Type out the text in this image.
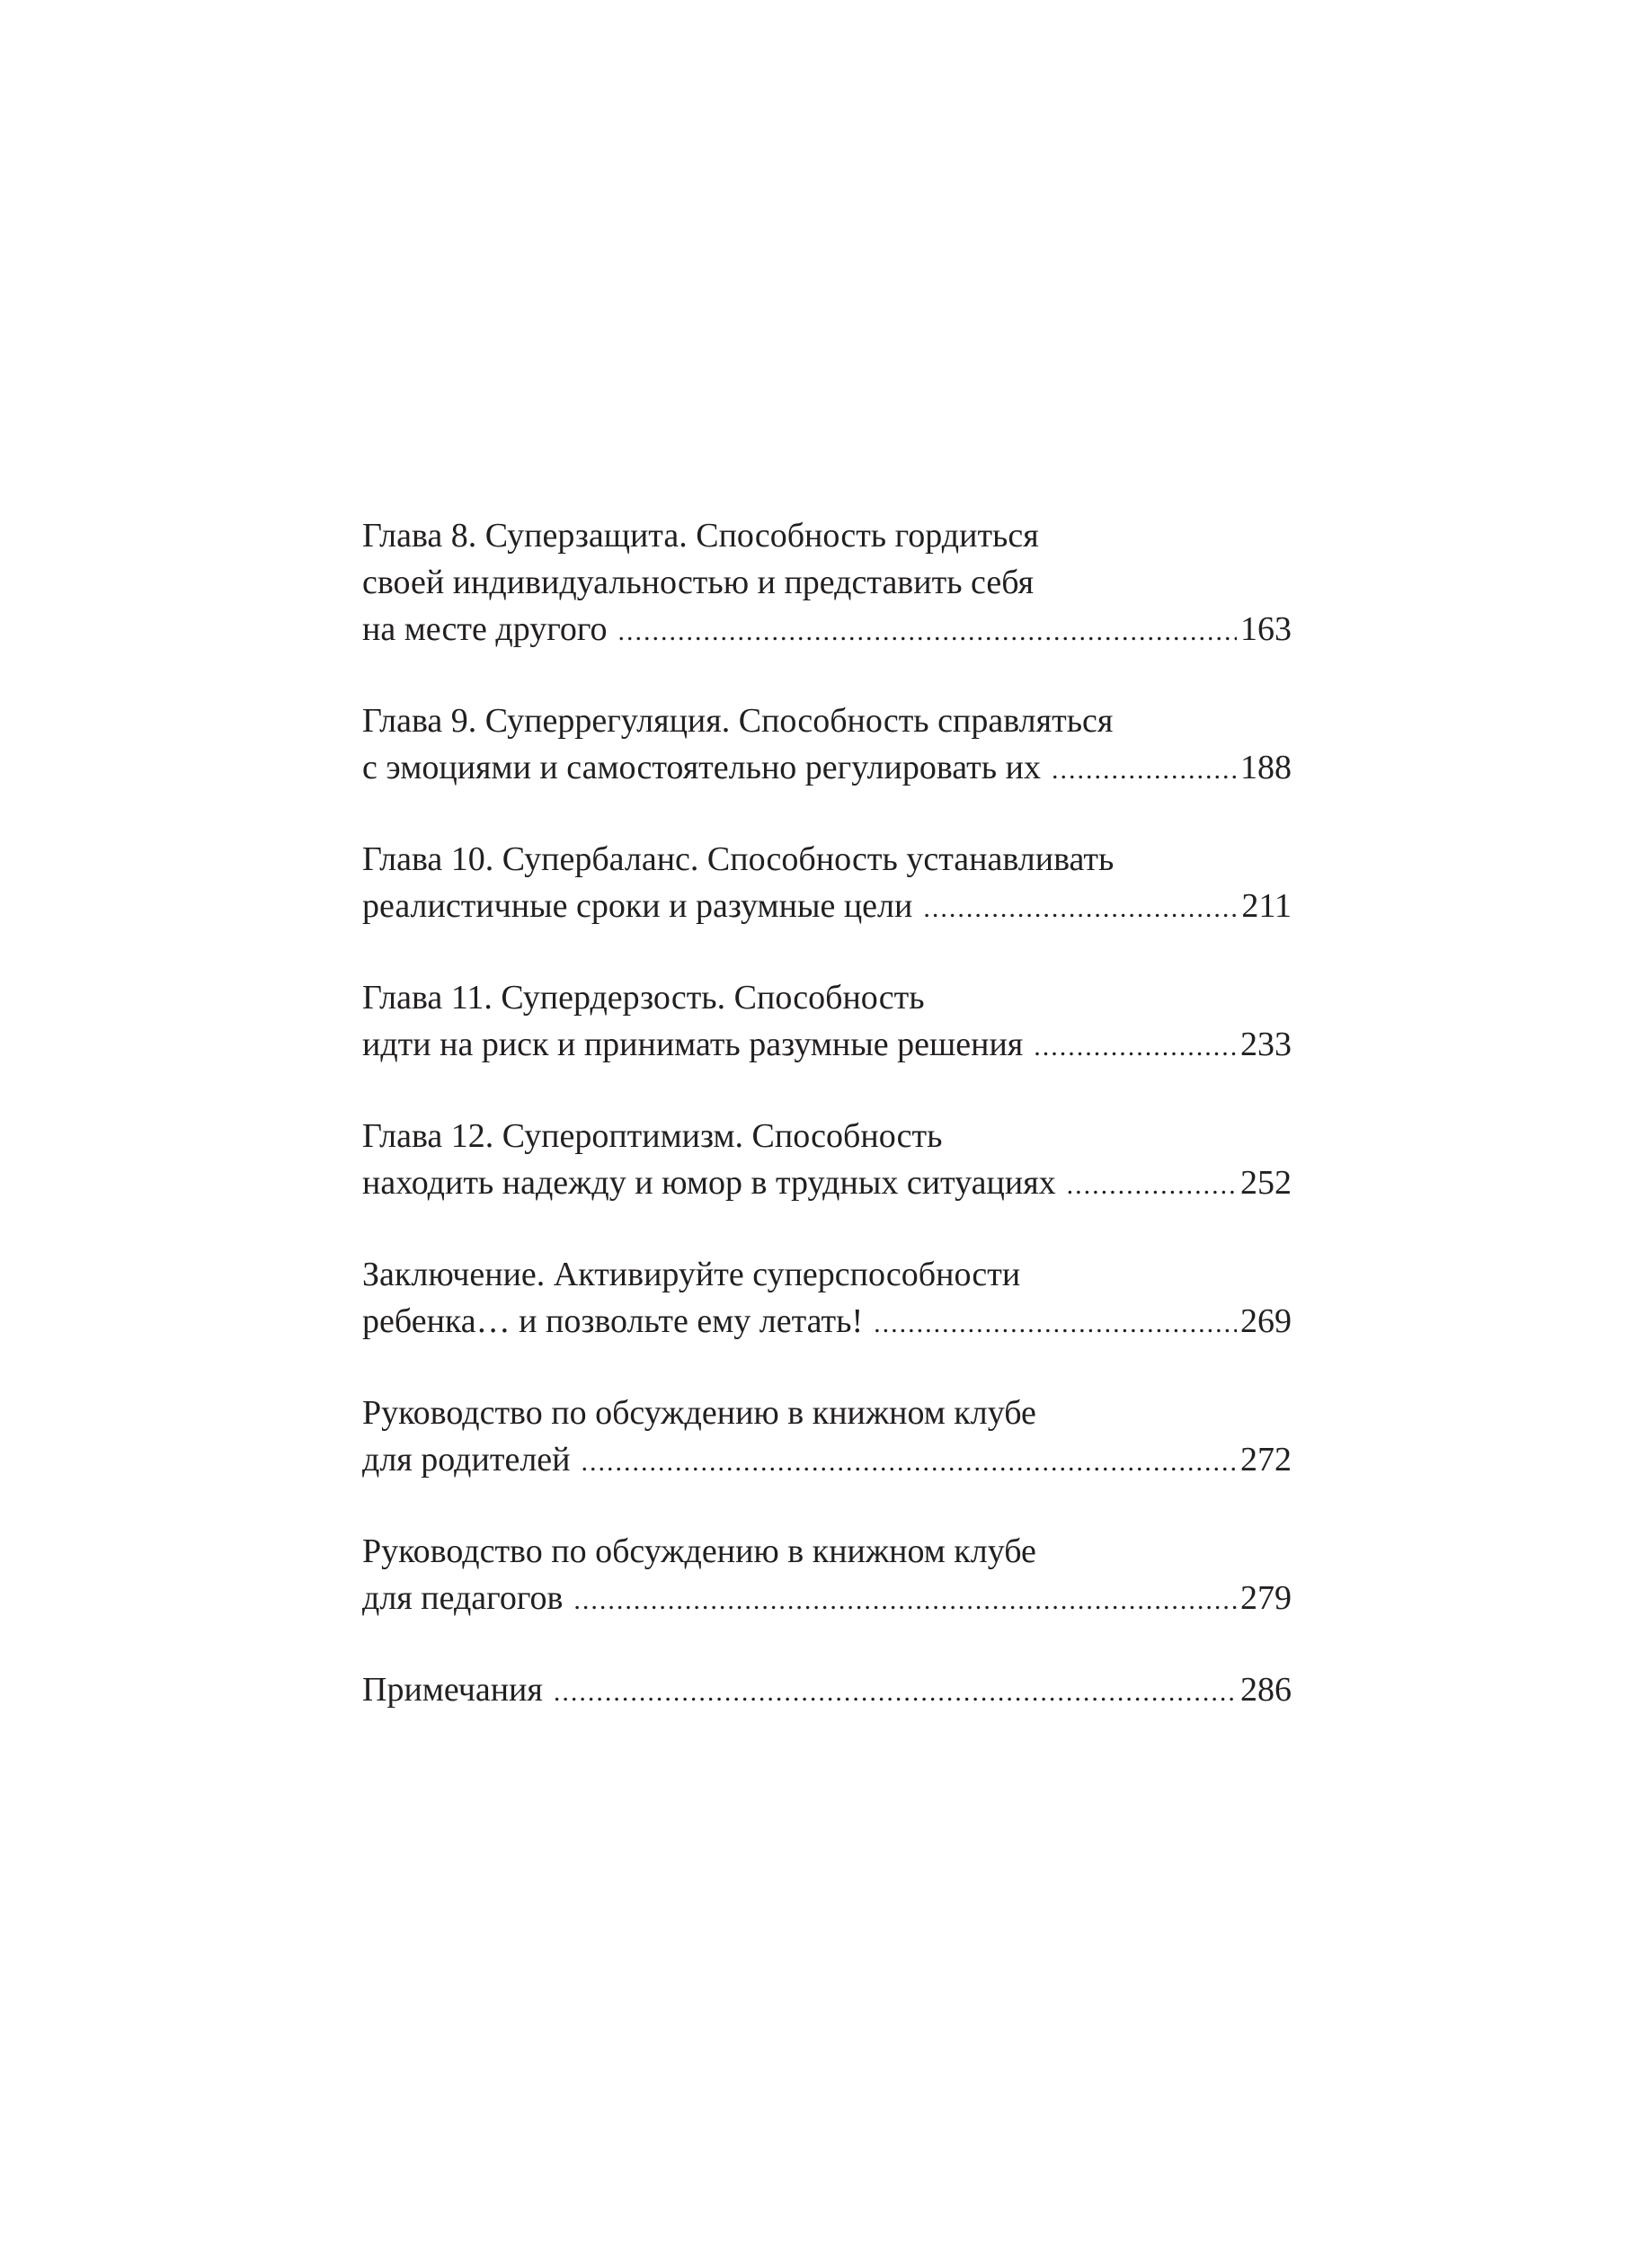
Глава 8. Суперзащита. Способность гордиться
своей индивидуальностью и представить себя
на месте другого .....	163
Глава 9. Суперрегуляция. Способность справляться
с эмоциями и самостоятельно регулировать их .....	188
Глава 10. Супербаланс. Способность устанавливать
реалистичные сроки и разумные цели .....	211
Глава 11. Супердерзость. Способность
идти на риск и принимать разумные решения .....	233
Глава 12. Супероптимизм. Способность
находить надежду и юмор в трудных ситуациях .....	252
Заключение. Активируйте суперспособности
ребенка… и позвольте ему летать! .....	269
Руководство по обсуждению в книжном клубе
для родителей .....	272
Руководство по обсуждению в книжном клубе
для педагогов .....	279
Примечания .....	286
